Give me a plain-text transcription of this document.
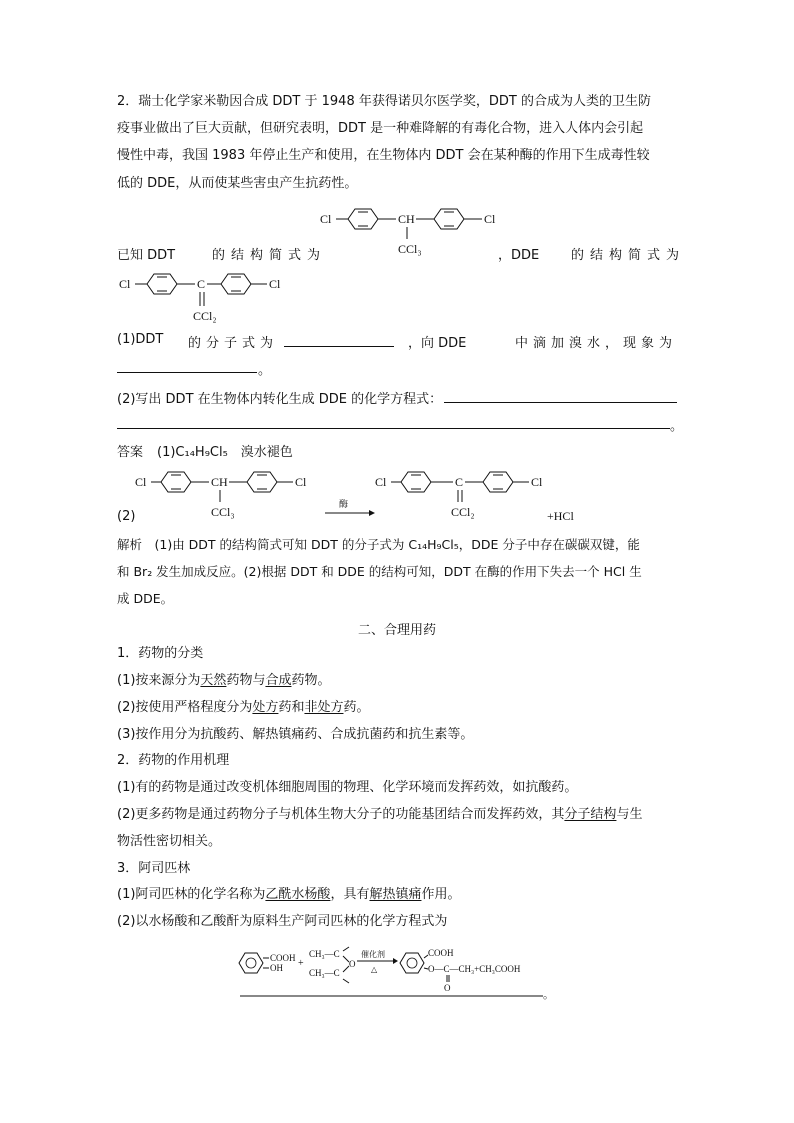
2．瑞士化学家米勒因合成 DDT 于 1948 年获得诺贝尔医学奖，DDT 的合成为人类的卫生防
疫事业做出了巨大贡献，但研究表明，DDT 是一种难降解的有毒化合物，进入人体内会引起
慢性中毒，我国 1983 年停止生产和使用，在生物体内 DDT 会在某种酶的作用下生成毒性较
低的 DDE，从而使某些害虫产生抗药性。
Cl	CH	Cl
CCl₃
已知 DDT	的结构简式为	，DDE 的结构简式为
Cl	C	Cl
CCl₂
(1)DDT 的分子式为	，向 DDE	中滴加溴水，现象为
。
(2)写出 DDT 在生物体内转化生成 DDE 的化学方程式：
。
答案 (1)C₁₄H₉Cl₅　溴水褪色
(2)
Cl	CH	Cl
CCl₃
酶
Cl	C	Cl
CCl₂	+HCl
解析　(1)由 DDT 的结构简式可知 DDT 的分子式为 C₁₄H₉Cl₅，DDE 分子中存在碳碳双键，能
和 Br₂ 发生加成反应。(2)根据 DDT 和 DDE 的结构可知，DDT 在酶的作用下失去一个 HCl 生
成 DDE。
二、合理用药
1．药物的分类
(1)按来源分为天然药物与合成药物。
(2)按使用严格程度分为处方药和非处方药。
(3)按作用分为抗酸药、解热镇痛药、合成抗菌药和抗生素等。
2．药物的作用机理
(1)有的药物是通过改变机体细胞周围的物理、化学环境而发挥药效，如抗酸药。
(2)更多药物是通过药物分子与机体生物大分子的功能基团结合而发挥药效，其分子结构与生
物活性密切相关。
3．阿司匹林
(1)阿司匹林的化学名称为乙酰水杨酸，具有解热镇痛作用。
(2)以水杨酸和乙酸酐为原料生产阿司匹林的化学方程式为
COOH
OH +
CH₃—C
CH₃—C
O
催化剂
△
COOH
O—C—CH₃+CH₃COOH
O
。
